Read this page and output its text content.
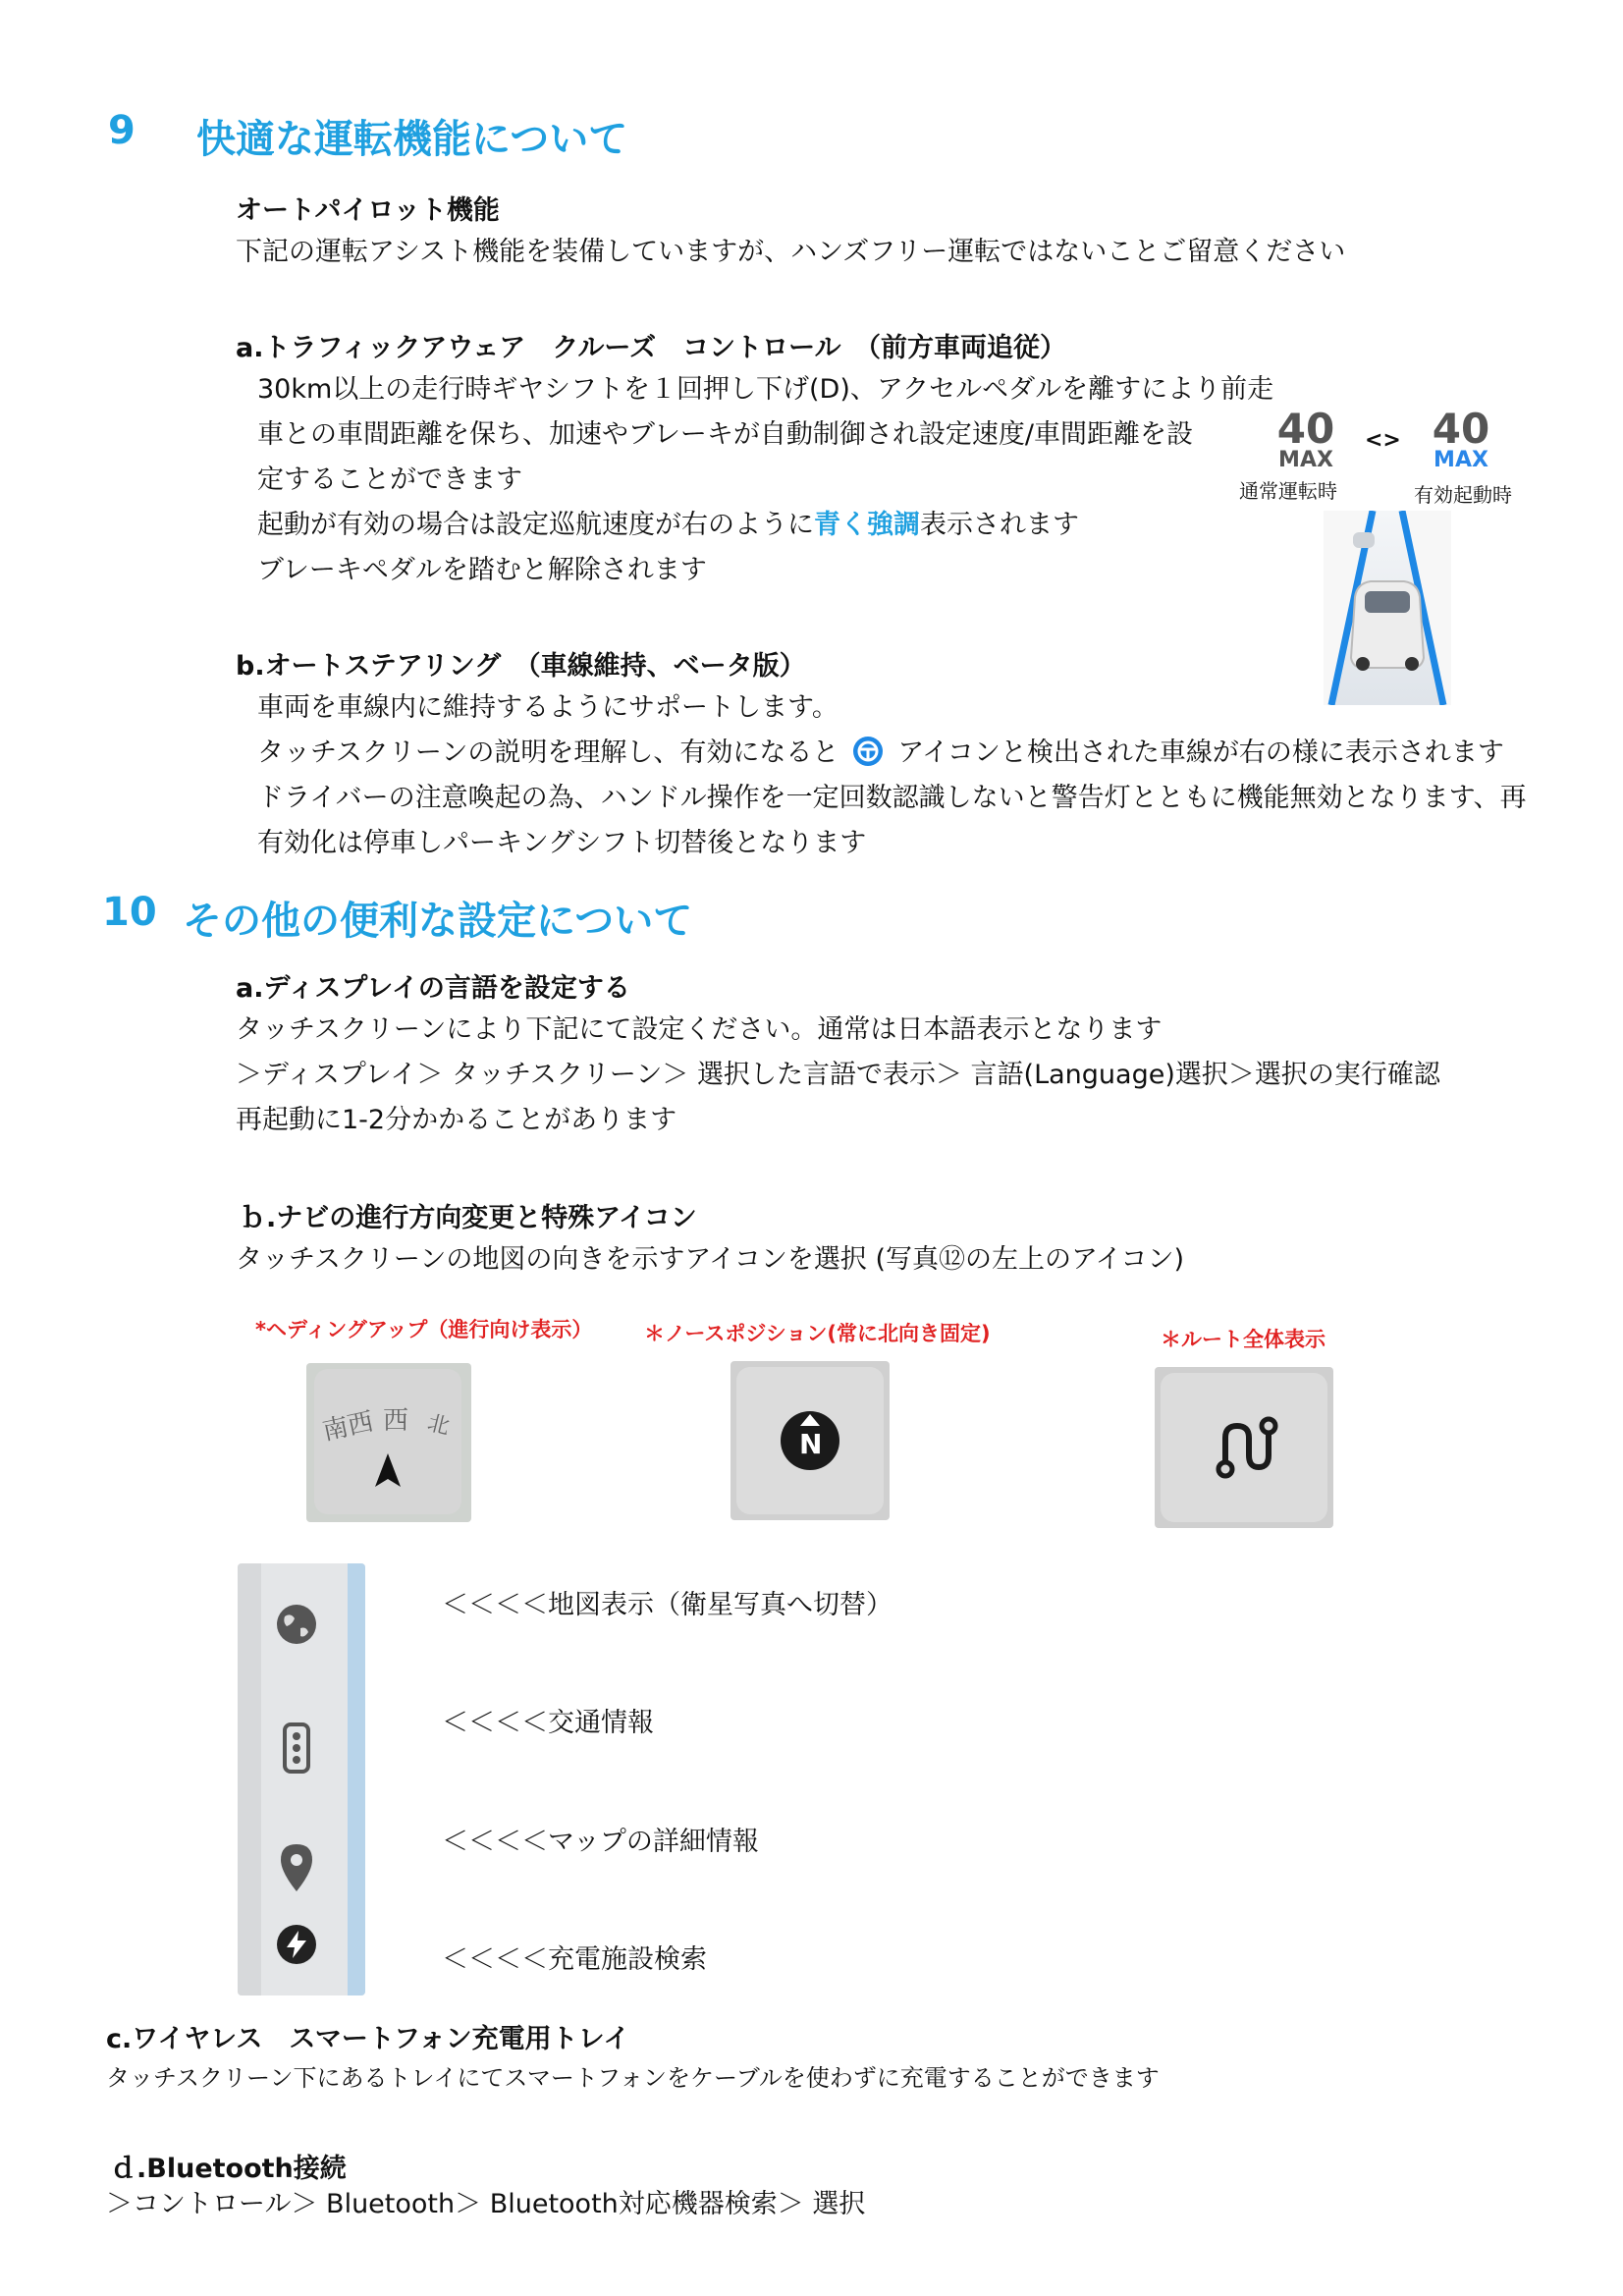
9 快適な運転機能について
オートパイロット機能
下記の運転アシスト機能を装備していますが、ハンズフリー運転ではないことご留意ください
a.トラフィックアウェア　クルーズ　コントロール　（前方車両追従）
30km以上の走行時ギヤシフトを１回押し下げ(D)、アクセルペダルを離すにより前走
車との車間距離を保ち、加速やブレーキが自動制御され設定速度/車間距離を設
定することができます
起動が有効の場合は設定巡航速度が右のように青く強調表示されます
ブレーキペダルを踏むと解除されます
40
MAX
<> 40
MAX
通常運転時	有効起動時
b.オートステアリング　（車線維持、ベータ版）
車両を車線内に維持するようにサポートします。
タッチスクリーンの説明を理解し、有効になると アイコンと検出された車線が右の様に表示されます
ドライバーの注意喚起の為、ハンドル操作を一定回数認識しないと警告灯とともに機能無効となります、再
有効化は停車しパーキングシフト切替後となります
10 その他の便利な設定について
a.ディスプレイの言語を設定する
タッチスクリーンにより下記にて設定ください。通常は日本語表示となります
＞ディスプレイ＞ タッチスクリーン＞ 選択した言語で表示＞ 言語(Language)選択＞選択の実行確認
再起動に1-2分かかることがあります
ｂ.ナビの進行方向変更と特殊アイコン
タッチスクリーンの地図の向きを示すアイコンを選択 (写真⑫の左上のアイコン)
*ヘディングアップ（進行向け表示）	＊ノースポジション(常に北向き固定)	＊ルート全体表示
南西 西 北
N
＜＜＜＜地図表示（衛星写真へ切替）
＜＜＜＜交通情報
＜＜＜＜マップの詳細情報
＜＜＜＜充電施設検索
c.ワイヤレス　スマートフォン充電用トレイ
タッチスクリーン下にあるトレイにてスマートフォンをケーブルを使わずに充電することができます
ｄ.Bluetooth接続
＞コントロール＞ Bluetooth＞ Bluetooth対応機器検索＞ 選択
